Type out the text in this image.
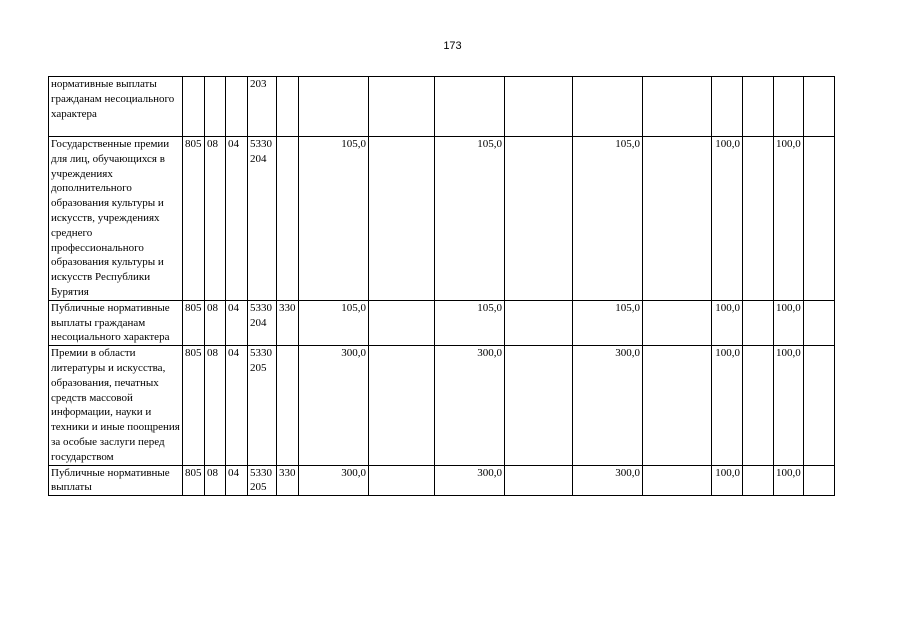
173
нормативные выплаты гражданам несоциального характера				203											
Государственные премии для лиц, обучающихся в учреждениях дополнительного образования культуры и искусств, учреждениях среднего профессионального образования культуры и искусств Республики Бурятия	805	08	04	5330 204		105,0		105,0		105,0		100,0		100,0	
Публичные нормативные выплаты гражданам несоциального характера	805	08	04	5330 204	330	105,0		105,0		105,0		100,0		100,0	
Премии в области литературы и искусства, образования, печатных средств массовой информации, науки и техники и иные поощрения за особые заслуги перед государством	805	08	04	5330 205		300,0		300,0		300,0		100,0		100,0	
Публичные нормативные выплаты	805	08	04	5330 205	330	300,0		300,0		300,0		100,0		100,0	
